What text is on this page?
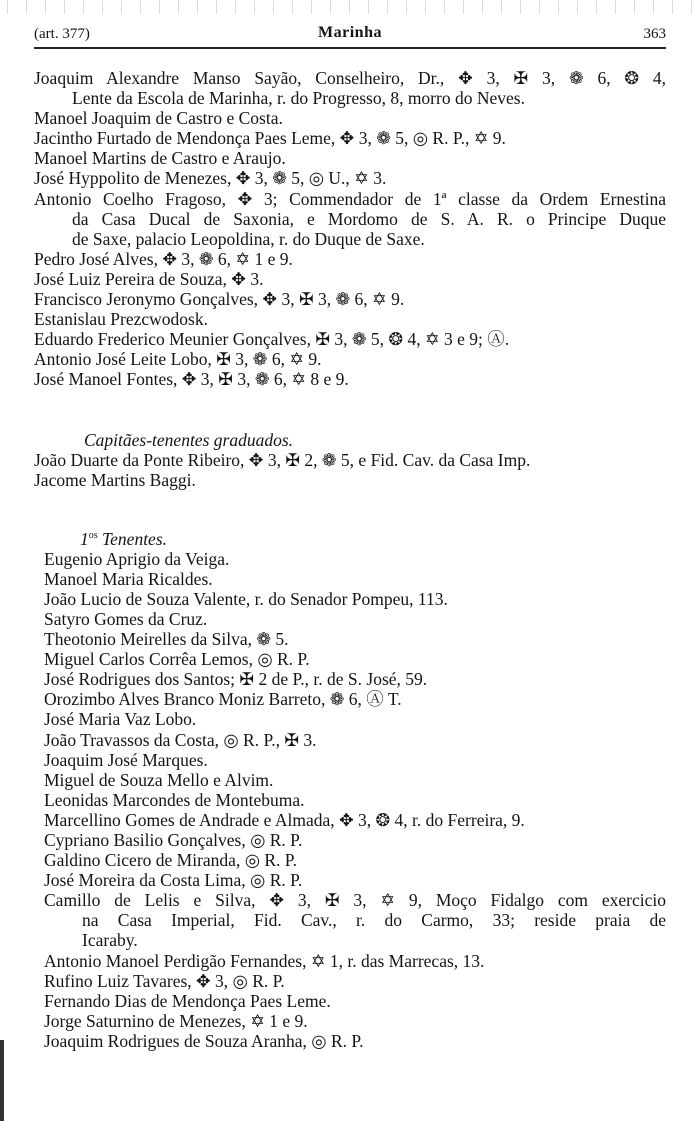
(art. 377)	Marinha	363
Joaquim Alexandre Manso Sayão, Conselheiro, Dr., ✥ 3, ✠ 3, ❁ 6, ❂ 4,
Lente da Escola de Marinha, r. do Progresso, 8, morro do Neves.
Manoel Joaquim de Castro e Costa.
Jacintho Furtado de Mendonça Paes Leme, ✥ 3, ❁ 5, ◎ R. P., ✡ 9.
Manoel Martins de Castro e Araujo.
José Hyppolito de Menezes, ✥ 3, ❁ 5, ◎ U., ✡ 3.
Antonio Coelho Fragoso, ✥ 3; Commendador de 1ª classe da Ordem Ernestina
da Casa Ducal de Saxonia, e Mordomo de S. A. R. o Principe Duque
de Saxe, palacio Leopoldina, r. do Duque de Saxe.
Pedro José Alves, ✥ 3, ❁ 6, ✡ 1 e 9.
José Luiz Pereira de Souza, ✥ 3.
Francisco Jeronymo Gonçalves, ✥ 3, ✠ 3, ❁ 6, ✡ 9.
Estanislau Prezcwodosk.
Eduardo Frederico Meunier Gonçalves, ✠ 3, ❁ 5, ❂ 4, ✡ 3 e 9; Ⓐ.
Antonio José Leite Lobo, ✠ 3, ❁ 6, ✡ 9.
José Manoel Fontes, ✥ 3, ✠ 3, ❁ 6, ✡ 8 e 9.
Capitães-tenentes graduados.
João Duarte da Ponte Ribeiro, ✥ 3, ✠ 2, ❁ 5, e Fid. Cav. da Casa Imp.
Jacome Martins Baggi.
$1^{os}$ Tenentes.
Eugenio Aprigio da Veiga.
Manoel Maria Ricaldes.
João Lucio de Souza Valente, r. do Senador Pompeu, 113.
Satyro Gomes da Cruz.
Theotonio Meirelles da Silva, ❁ 5.
Miguel Carlos Corrêa Lemos, ◎ R. P.
José Rodrigues dos Santos; ✠ 2 de P., r. de S. José, 59.
Orozimbo Alves Branco Moniz Barreto, ❁ 6, Ⓐ T.
José Maria Vaz Lobo.
João Travassos da Costa, ◎ R. P., ✠ 3.
Joaquim José Marques.
Miguel de Souza Mello e Alvim.
Leonidas Marcondes de Montebuma.
Marcellino Gomes de Andrade e Almada, ✥ 3, ❂ 4, r. do Ferreira, 9.
Cypriano Basilio Gonçalves, ◎ R. P.
Galdino Cicero de Miranda, ◎ R. P.
José Moreira da Costa Lima, ◎ R. P.
Camillo de Lelis e Silva, ✥ 3, ✠ 3, ✡ 9, Moço Fidalgo com exercicio
na Casa Imperial, Fid. Cav., r. do Carmo, 33; reside praia de
Icaraby.
Antonio Manoel Perdigão Fernandes, ✡ 1, r. das Marrecas, 13.
Rufino Luiz Tavares, ✥ 3, ◎ R. P.
Fernando Dias de Mendonça Paes Leme.
Jorge Saturnino de Menezes, ✡ 1 e 9.
Joaquim Rodrigues de Souza Aranha, ◎ R. P.
